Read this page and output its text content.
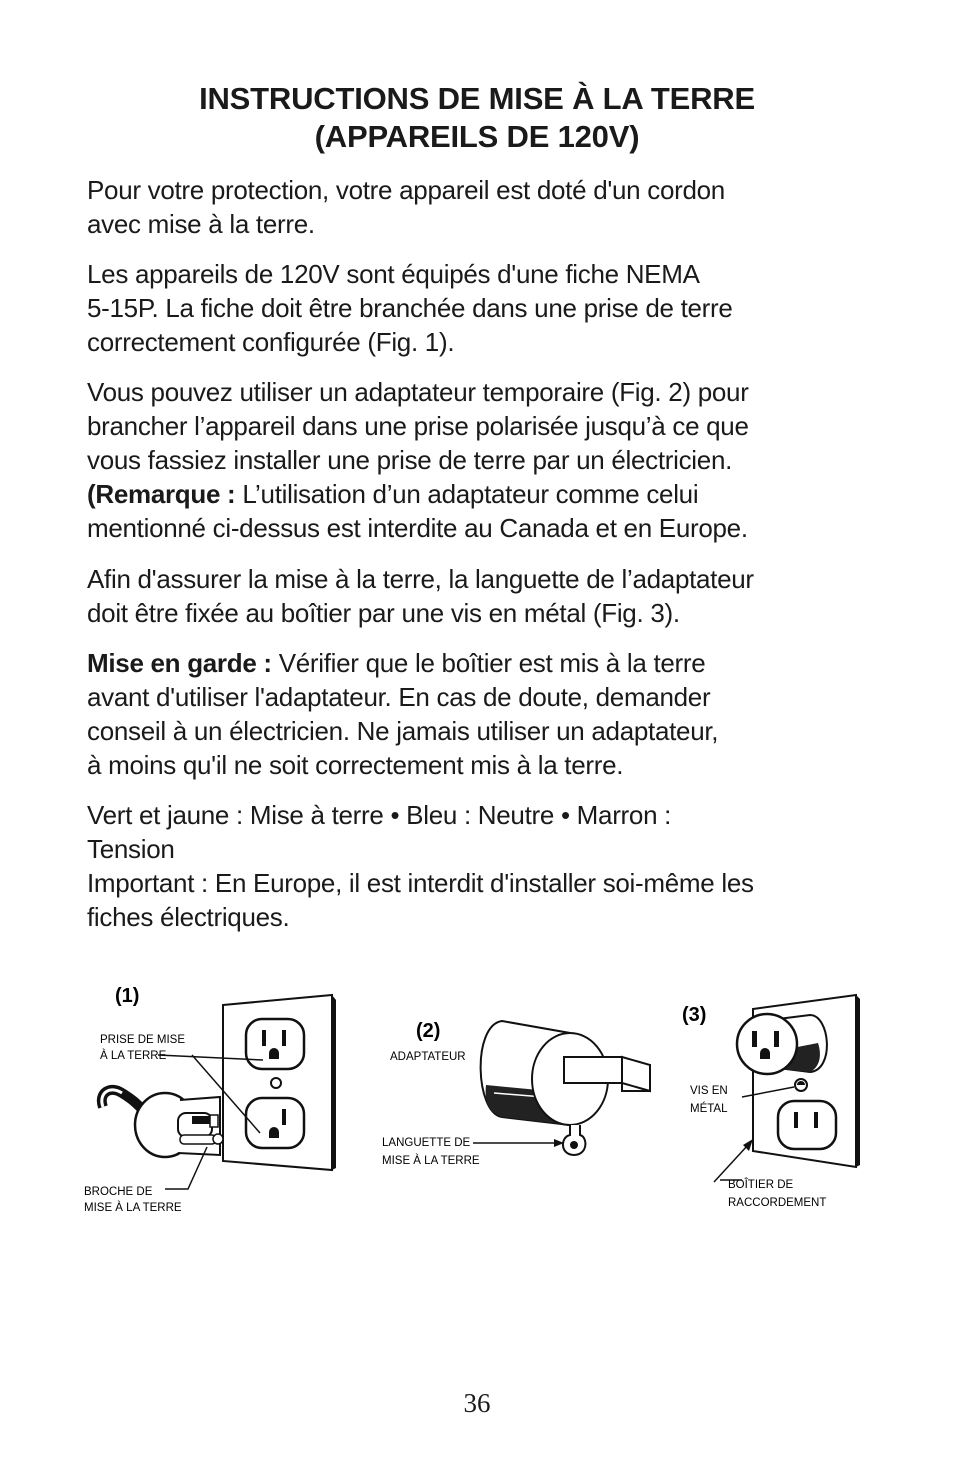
INSTRUCTIONS DE MISE À LA TERRE
(APPAREILS DE 120V)

Pour votre protection, votre appareil est doté d'un cordon
avec mise à la terre.

Les appareils de 120V sont équipés d'une fiche NEMA
5-15P. La fiche doit être branchée dans une prise de terre
correctement configurée (Fig. 1).

Vous pouvez utiliser un adaptateur temporaire (Fig. 2) pour
brancher l’appareil dans une prise polarisée jusqu’à ce que
vous fassiez installer une prise de terre par un électricien.
(Remarque : L’utilisation d’un adaptateur comme celui
mentionné ci-dessus est interdite au Canada et en Europe.

Afin d'assurer la mise à la terre, la languette de l’adaptateur
doit être fixée au boîtier par une vis en métal (Fig. 3).

Mise en garde : Vérifier que le boîtier est mis à la terre
avant d'utiliser l'adaptateur. En cas de doute, demander
conseil à un électricien. Ne jamais utiliser un adaptateur,
à moins qu'il ne soit correctement mis à la terre.

Vert et jaune : Mise à terre • Bleu : Neutre • Marron :
Tension
Important : En Europe, il est interdit d'installer soi-même les
fiches électriques.

(1)
PRISE DE MISE
À LA TERRE
BROCHE DE
MISE À LA TERRE
(2)
ADAPTATEUR
LANGUETTE DE
MISE À LA TERRE
(3)
VIS EN
MÉTAL
BOÎTIER DE
RACCORDEMENT
36
